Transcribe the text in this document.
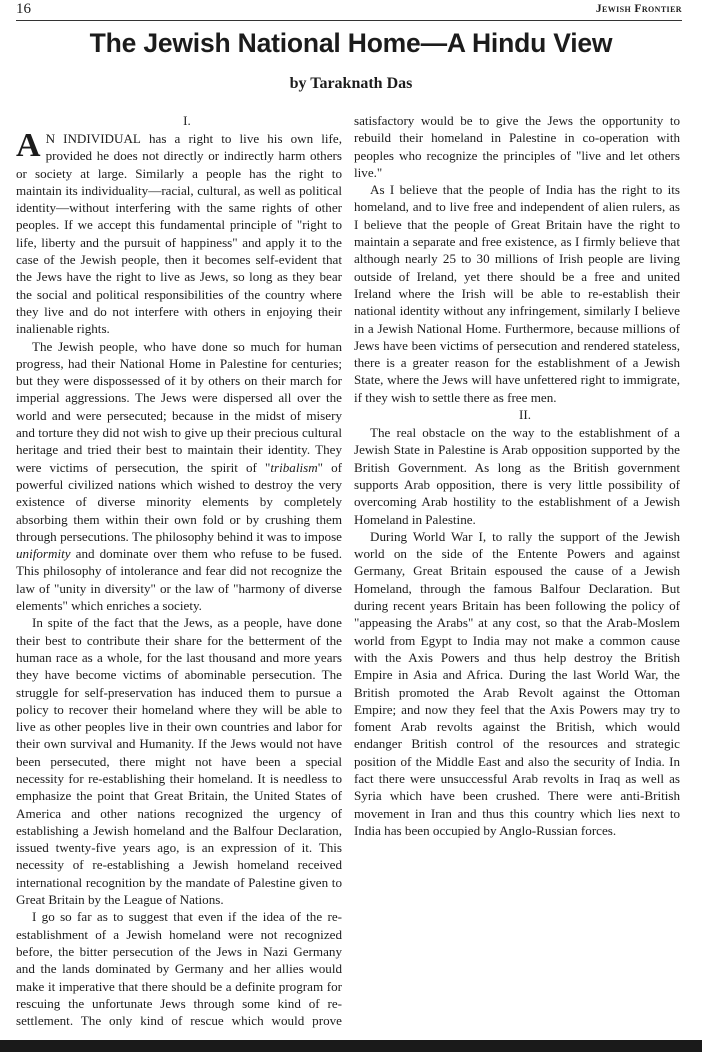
16	Jewish Frontier
The Jewish National Home—A Hindu View
by Taraknath Das

I.

A N INDIVIDUAL has a right to live his own life, provided he does not directly or indirectly harm others or society at large. Similarly a people has the right to maintain its individuality—racial, cultural, as well as political identity—without interfering with the same rights of other peoples. If we accept this fundamental principle of "right to life, liberty and the pursuit of happiness" and apply it to the case of the Jewish people, then it becomes self-evident that the Jews have the right to live as Jews, so long as they bear the social and political responsibilities of the country where they live and do not interfere with others in enjoying their inalienable rights.

The Jewish people, who have done so much for human progress, had their National Home in Palestine for centuries; but they were dispossessed of it by others on their march for imperial aggressions. The Jews were dispersed all over the world and were persecuted; because in the midst of misery and torture they did not wish to give up their precious cultural heritage and tried their best to maintain their identity. They were victims of persecution, the spirit of "tribalism" of powerful civilized nations which wished to destroy the very existence of diverse minority elements by completely absorbing them within their own fold or by crushing them through persecutions. The philosophy behind it was to impose uniformity and dominate over them who refuse to be fused. This philosophy of intolerance and fear did not recognize the law of "unity in diversity" or the law of "harmony of diverse elements" which enriches a society.

In spite of the fact that the Jews, as a people, have done their best to contribute their share for the betterment of the human race as a whole, for the last thousand and more years they have become victims of abominable persecution. The struggle for self-preservation has induced them to pursue a policy to recover their homeland where they will be able to live as other peoples live in their own countries and labor for their own survival and Humanity. If the Jews would not have been persecuted, there might not have been a special necessity for re-establishing their homeland. It is needless to emphasize the point that Great Britain, the United States of America and other nations recognized the urgency of establishing a Jewish homeland and the Balfour Declaration, issued twenty-five years ago, is an expression of it. This necessity of re-establishing a Jewish homeland received international recognition by the mandate of Palestine given to Great Britain by the League of Nations.

I go so far as to suggest that even if the idea of the re-establishment of a Jewish homeland were not recognized before, the bitter persecution of the Jews in Nazi Germany and the lands dominated by Germany and her allies would make it imperative that there should be a definite program for rescuing the unfortunate Jews through some kind of re-settlement. The only kind of rescue which would prove

satisfactory would be to give the Jews the opportunity to rebuild their homeland in Palestine in co-operation with peoples who recognize the principles of "live and let others live."

As I believe that the people of India has the right to its homeland, and to live free and independent of alien rulers, as I believe that the people of Great Britain have the right to maintain a separate and free existence, as I firmly believe that although nearly 25 to 30 millions of Irish people are living outside of Ireland, yet there should be a free and united Ireland where the Irish will be able to re-establish their national identity without any infringement, similarly I believe in a Jewish National Home. Furthermore, because millions of Jews have been victims of persecution and rendered stateless, there is a greater reason for the establishment of a Jewish State, where the Jews will have unfettered right to immigrate, if they wish to settle there as free men.

II.

The real obstacle on the way to the establishment of a Jewish State in Palestine is Arab opposition supported by the British Government. As long as the British government supports Arab opposition, there is very little possibility of overcoming Arab hostility to the establishment of a Jewish Homeland in Palestine.

During World War I, to rally the support of the Jewish world on the side of the Entente Powers and against Germany, Great Britain espoused the cause of a Jewish Homeland, through the famous Balfour Declaration. But during recent years Britain has been following the policy of "appeasing the Arabs" at any cost, so that the Arab-Moslem world from Egypt to India may not make a common cause with the Axis Powers and thus help destroy the British Empire in Asia and Africa. During the last World War, the British promoted the Arab Revolt against the Ottoman Empire; and now they feel that the Axis Powers may try to foment Arab revolts against the British, which would endanger British control of the resources and strategic position of the Middle East and also the security of India. In fact there were unsuccessful Arab revolts in Iraq as well as Syria which have been crushed. There were anti-British movement in Iran and thus this country which lies next to India has been occupied by Anglo-Russian forces.
